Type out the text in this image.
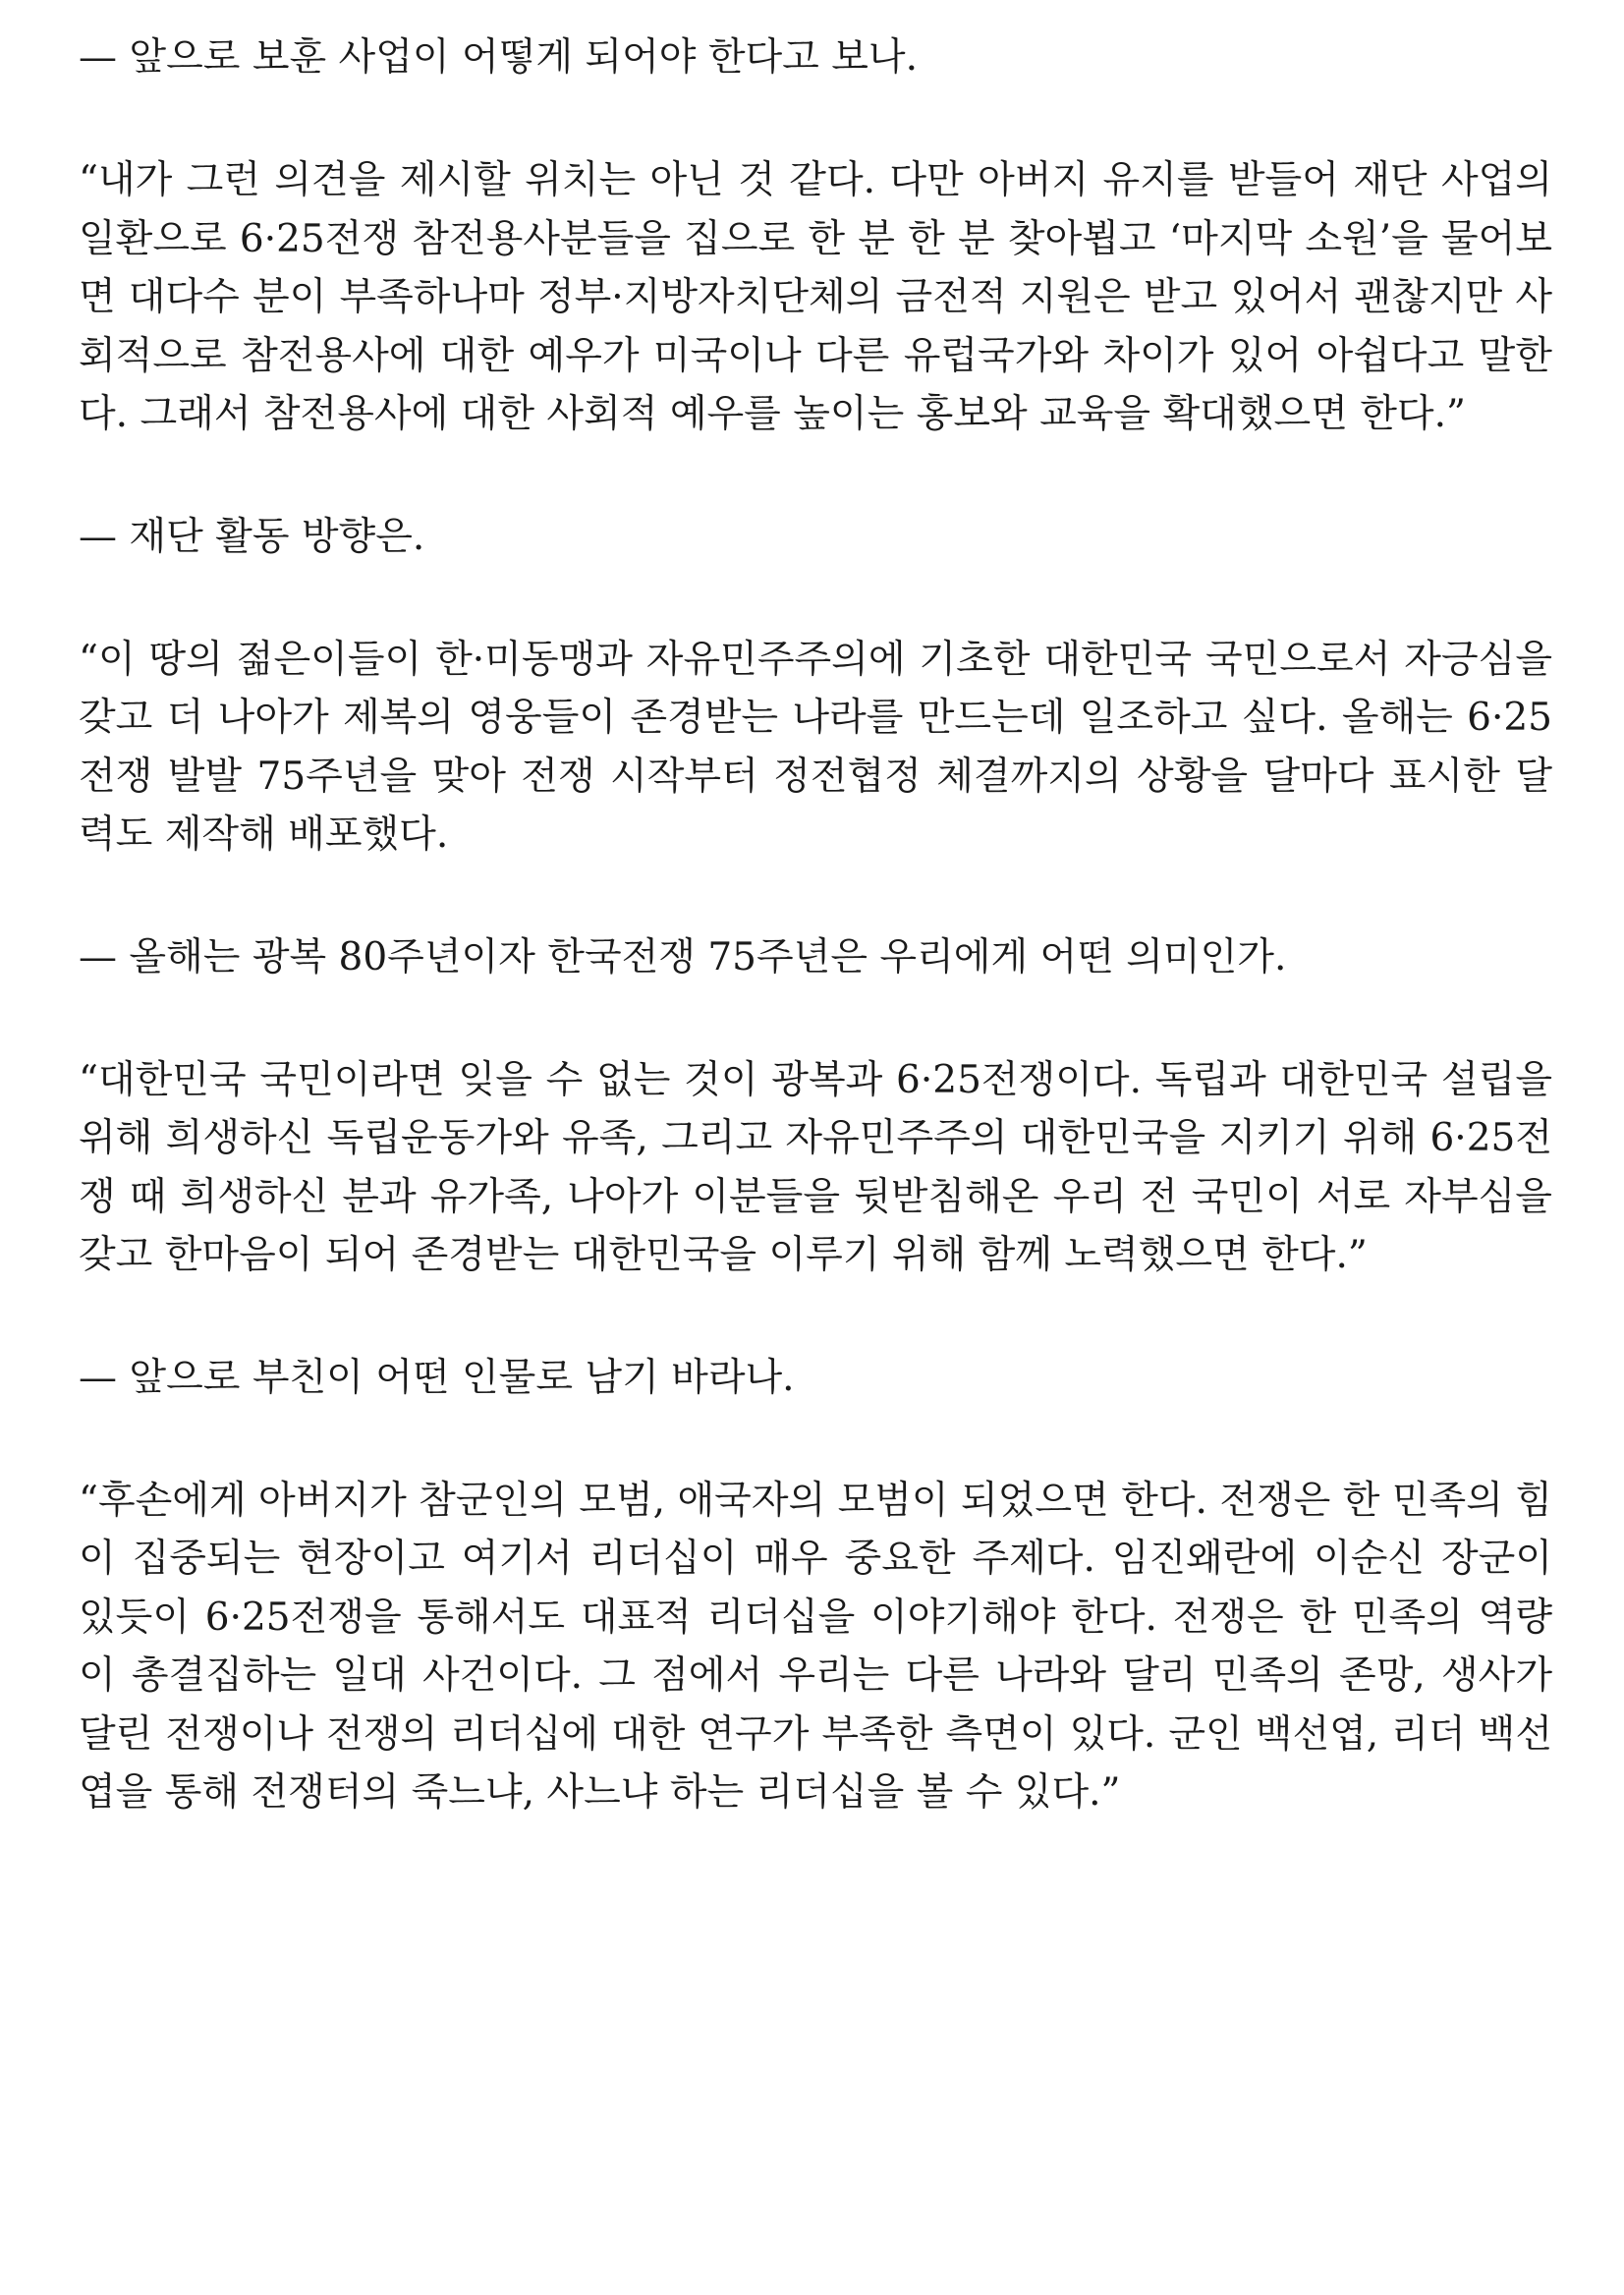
— 앞으로 보훈 사업이 어떻게 되어야 한다고 보나.

“내가 그런 의견을 제시할 위치는 아닌 것 같다. 다만 아버지 유지를 받들어 재단 사업의 일환으로 6·25전쟁 참전용사분들을 집으로 한 분 한 분 찾아뵙고 ‘마지막 소원’을 물어보면 대다수 분이 부족하나마 정부·지방자치단체의 금전적 지원은 받고 있어서 괜찮지만 사회적으로 참전용사에 대한 예우가 미국이나 다른 유럽국가와 차이가 있어 아쉽다고 말한다. 그래서 참전용사에 대한 사회적 예우를 높이는 홍보와 교육을 확대했으면 한다.”

— 재단 활동 방향은.

“이 땅의 젊은이들이 한·미동맹과 자유민주주의에 기초한 대한민국 국민으로서 자긍심을 갖고 더 나아가 제복의 영웅들이 존경받는 나라를 만드는데 일조하고 싶다. 올해는 6·25전쟁 발발 75주년을 맞아 전쟁 시작부터 정전협정 체결까지의 상황을 달마다 표시한 달력도 제작해 배포했다.

— 올해는 광복 80주년이자 한국전쟁 75주년은 우리에게 어떤 의미인가.

“대한민국 국민이라면 잊을 수 없는 것이 광복과 6·25전쟁이다. 독립과 대한민국 설립을 위해 희생하신 독립운동가와 유족, 그리고 자유민주주의 대한민국을 지키기 위해 6·25전쟁 때 희생하신 분과 유가족, 나아가 이분들을 뒷받침해온 우리 전 국민이 서로 자부심을 갖고 한마음이 되어 존경받는 대한민국을 이루기 위해 함께 노력했으면 한다.”

— 앞으로 부친이 어떤 인물로 남기 바라나.

“후손에게 아버지가 참군인의 모범, 애국자의 모범이 되었으면 한다. 전쟁은 한 민족의 힘이 집중되는 현장이고 여기서 리더십이 매우 중요한 주제다. 임진왜란에 이순신 장군이 있듯이 6·25전쟁을 통해서도 대표적 리더십을 이야기해야 한다. 전쟁은 한 민족의 역량이 총결집하는 일대 사건이다. 그 점에서 우리는 다른 나라와 달리 민족의 존망, 생사가 달린 전쟁이나 전쟁의 리더십에 대한 연구가 부족한 측면이 있다. 군인 백선엽, 리더 백선엽을 통해 전쟁터의 죽느냐, 사느냐 하는 리더십을 볼 수 있다.”
